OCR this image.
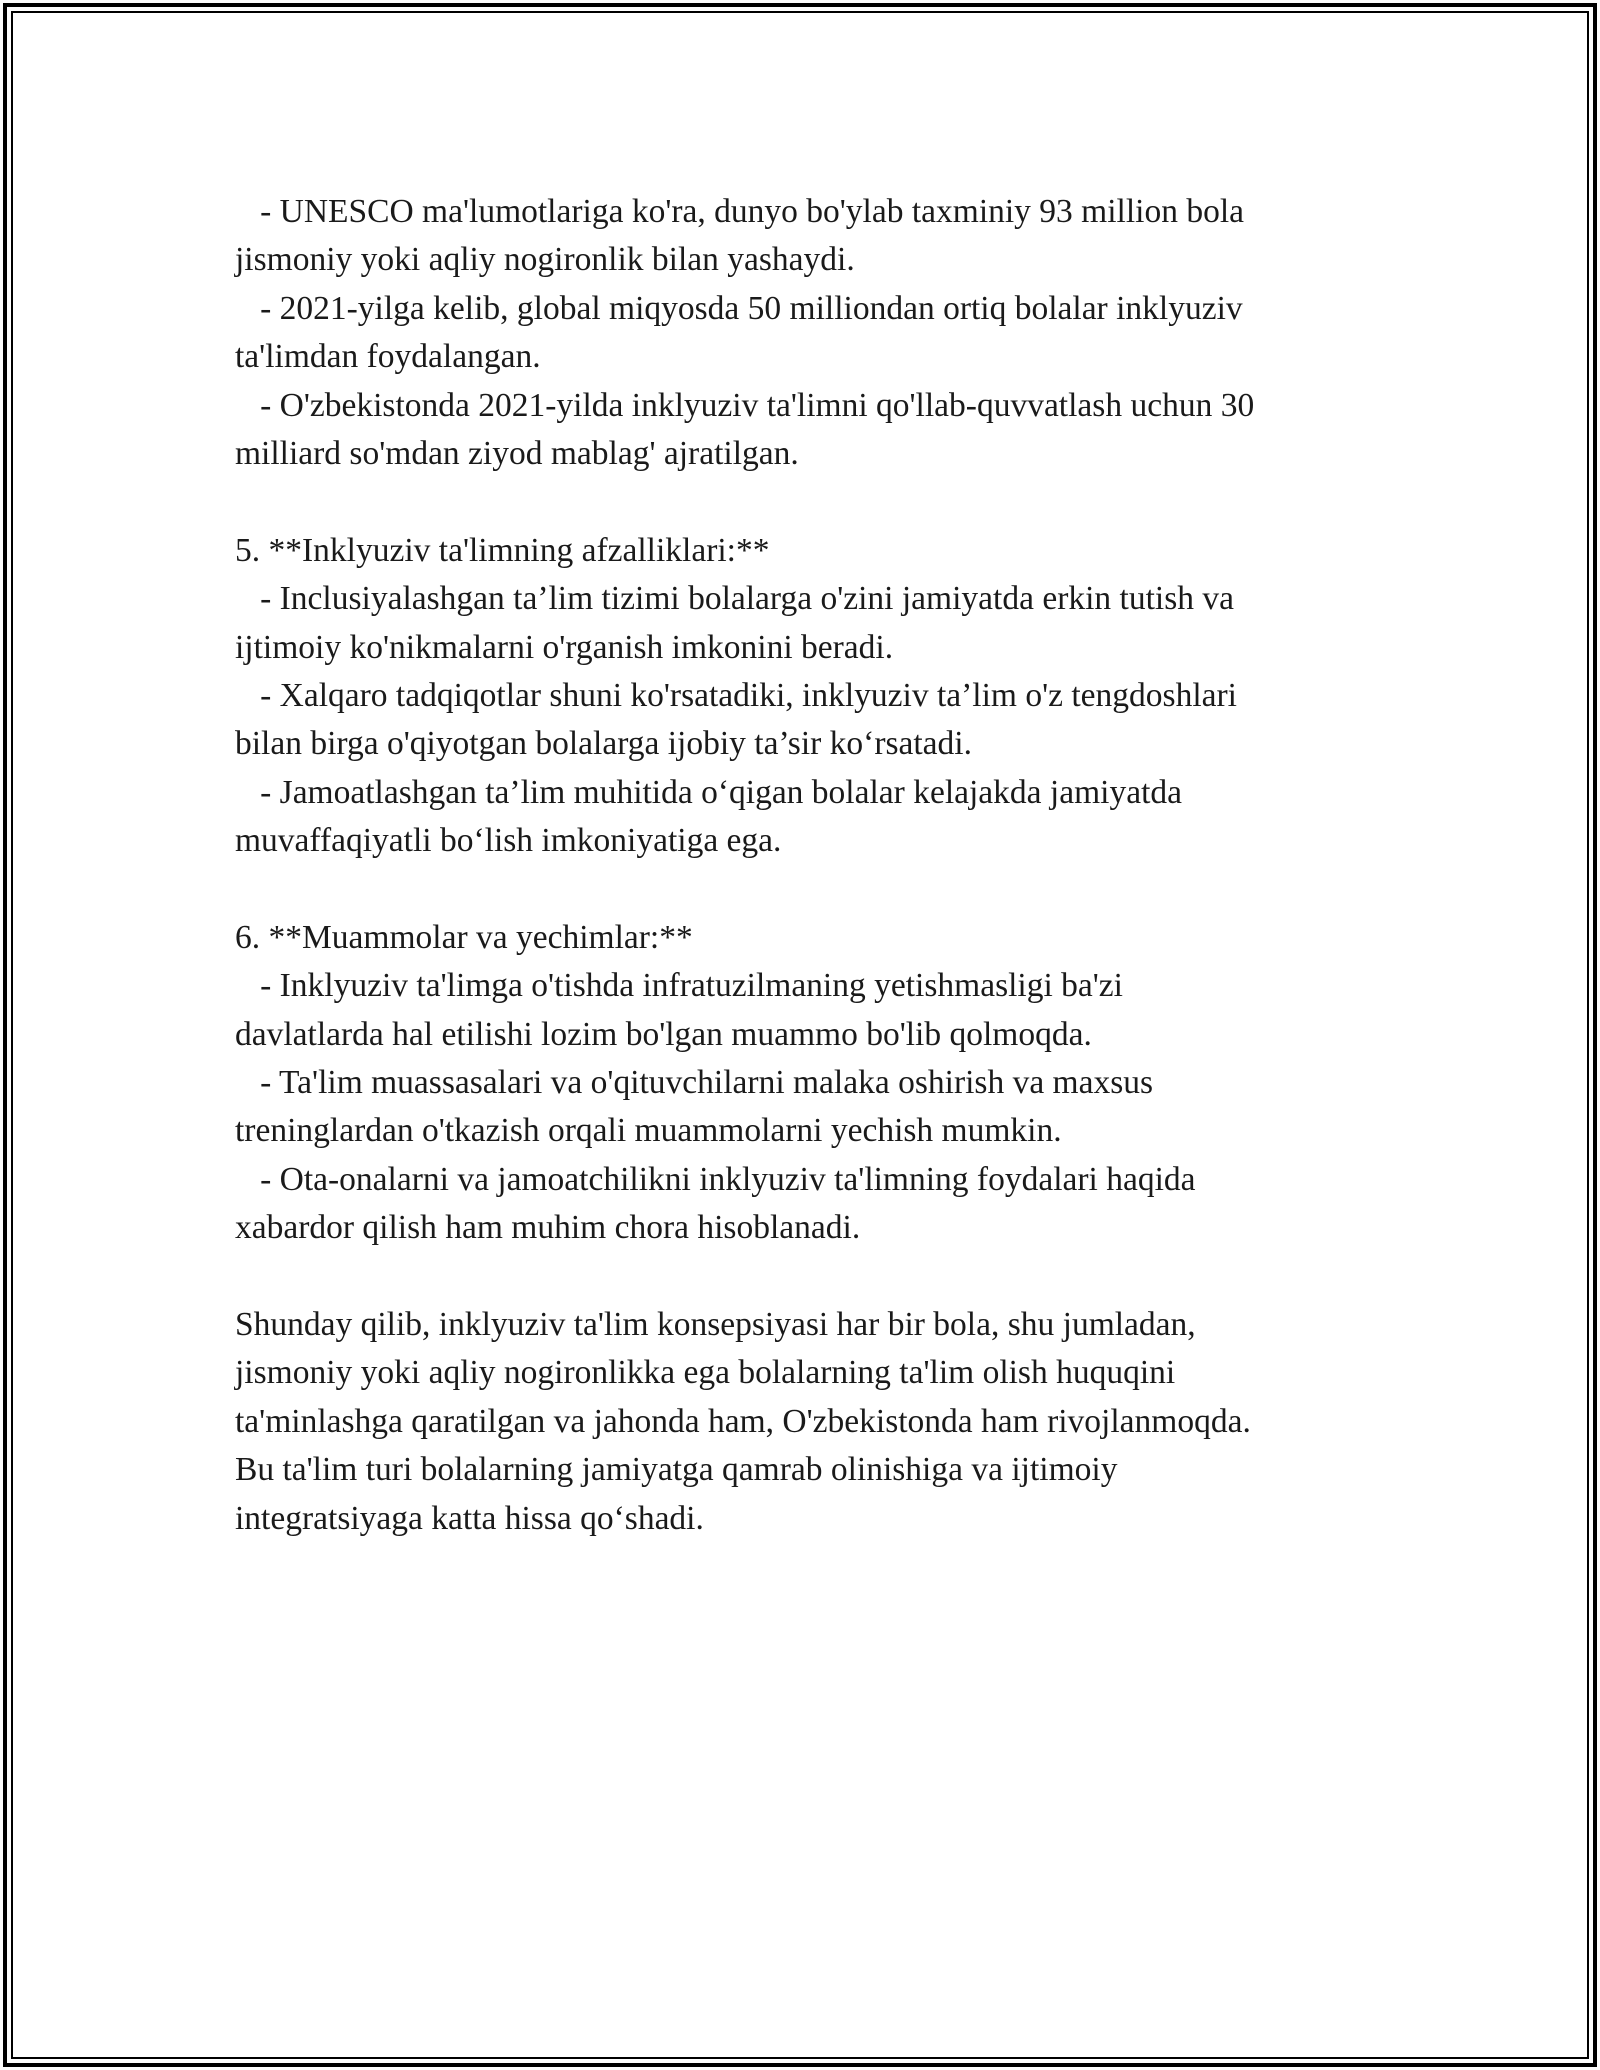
- UNESCO ma'lumotlariga ko'ra, dunyo bo'ylab taxminiy 93 million bola
jismoniy yoki aqliy nogironlik bilan yashaydi.
- 2021-yilga kelib, global miqyosda 50 milliondan ortiq bolalar inklyuziv
ta'limdan foydalangan.
- O'zbekistonda 2021-yilda inklyuziv ta'limni qo'llab-quvvatlash uchun 30
milliard so'mdan ziyod mablag' ajratilgan.
5. **Inklyuziv ta'limning afzalliklari:**
- Inclusiyalashgan ta’lim tizimi bolalarga o'zini jamiyatda erkin tutish va
ijtimoiy ko'nikmalarni o'rganish imkonini beradi.
- Xalqaro tadqiqotlar shuni ko'rsatadiki, inklyuziv ta’lim o'z tengdoshlari
bilan birga o'qiyotgan bolalarga ijobiy ta’sir ko‘rsatadi.
- Jamoatlashgan ta’lim muhitida o‘qigan bolalar kelajakda jamiyatda
muvaffaqiyatli bo‘lish imkoniyatiga ega.
6. **Muammolar va yechimlar:**
- Inklyuziv ta'limga o'tishda infratuzilmaning yetishmasligi ba'zi
davlatlarda hal etilishi lozim bo'lgan muammo bo'lib qolmoqda.
- Ta'lim muassasalari va o'qituvchilarni malaka oshirish va maxsus
treninglardan o'tkazish orqali muammolarni yechish mumkin.
- Ota-onalarni va jamoatchilikni inklyuziv ta'limning foydalari haqida
xabardor qilish ham muhim chora hisoblanadi.
Shunday qilib, inklyuziv ta'lim konsepsiyasi har bir bola, shu jumladan,
jismoniy yoki aqliy nogironlikka ega bolalarning ta'lim olish huquqini
ta'minlashga qaratilgan va jahonda ham, O'zbekistonda ham rivojlanmoqda.
Bu ta'lim turi bolalarning jamiyatga qamrab olinishiga va ijtimoiy
integratsiyaga katta hissa qo‘shadi.
